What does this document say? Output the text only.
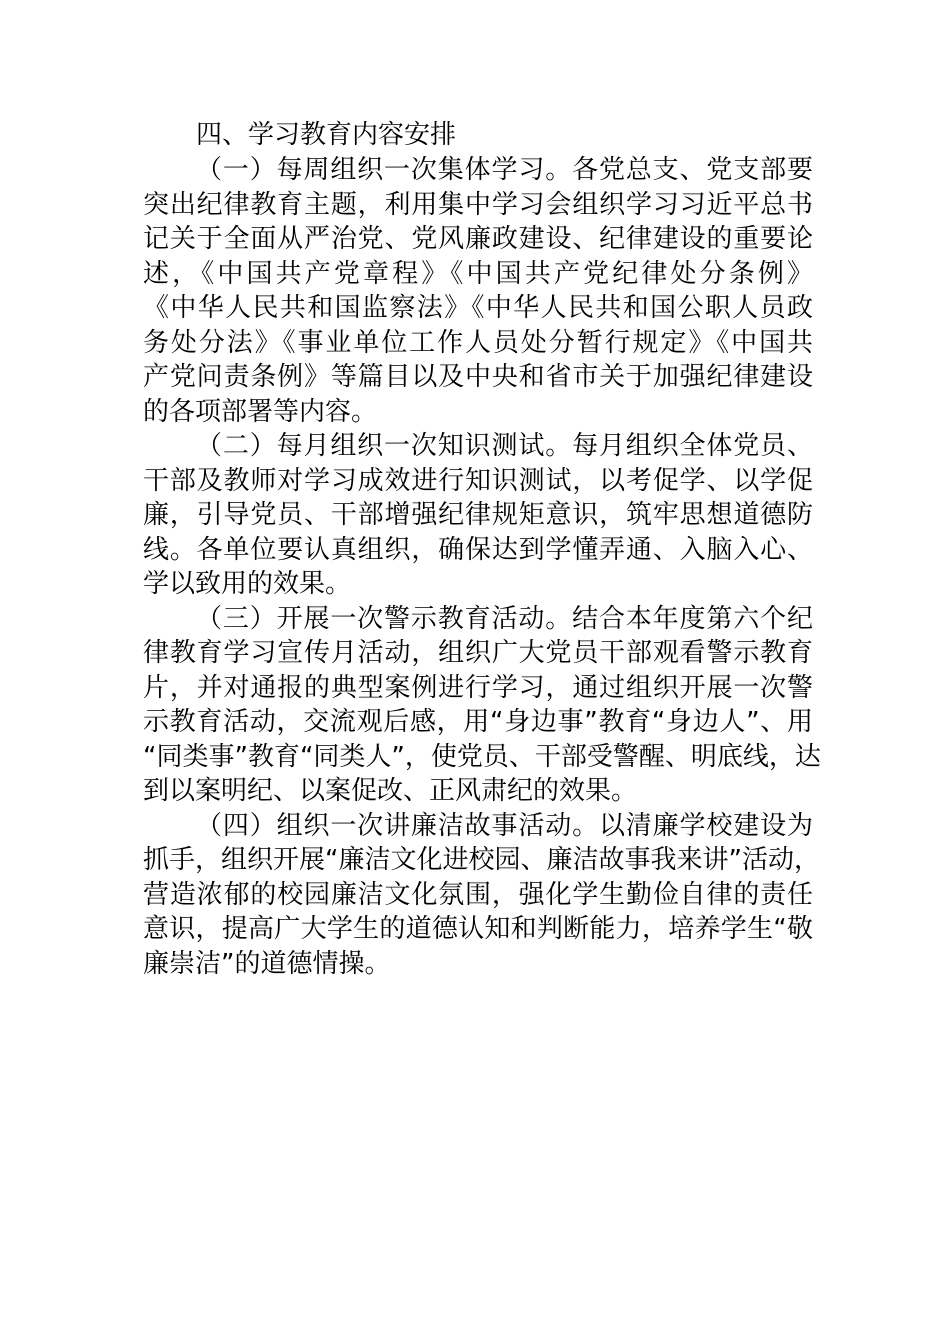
四、学习教育内容安排

（一）每周组织一次集体学习。各党总支、党支部要
突出纪律教育主题，利用集中学习会组织学习习近平总书
记关于全面从严治党、党风廉政建设、纪律建设的重要论
述，《中国共产党章程》《中国共产党纪律处分条例》
《中华人民共和国监察法》《中华人民共和国公职人员政
务处分法》《事业单位工作人员处分暂行规定》《中国共
产党问责条例》等篇目以及中央和省市关于加强纪律建设
的各项部署等内容。
（二）每月组织一次知识测试。每月组织全体党员、
干部及教师对学习成效进行知识测试，以考促学、以学促
廉，引导党员、干部增强纪律规矩意识，筑牢思想道德防
线。各单位要认真组织，确保达到学懂弄通、入脑入心、
学以致用的效果。
（三）开展一次警示教育活动。结合本年度第六个纪
律教育学习宣传月活动，组织广大党员干部观看警示教育
片，并对通报的典型案例进行学习，通过组织开展一次警
示教育活动，交流观后感，用“身边事”教育“身边人”、用
“同类事”教育“同类人”，使党员、干部受警醒、明底线，达
到以案明纪、以案促改、正风肃纪的效果。
（四）组织一次讲廉洁故事活动。以清廉学校建设为
抓手，组织开展“廉洁文化进校园、廉洁故事我来讲”活动，
营造浓郁的校园廉洁文化氛围，强化学生勤俭自律的责任
意识，提高广大学生的道德认知和判断能力，培养学生“敬
廉崇洁”的道德情操。
